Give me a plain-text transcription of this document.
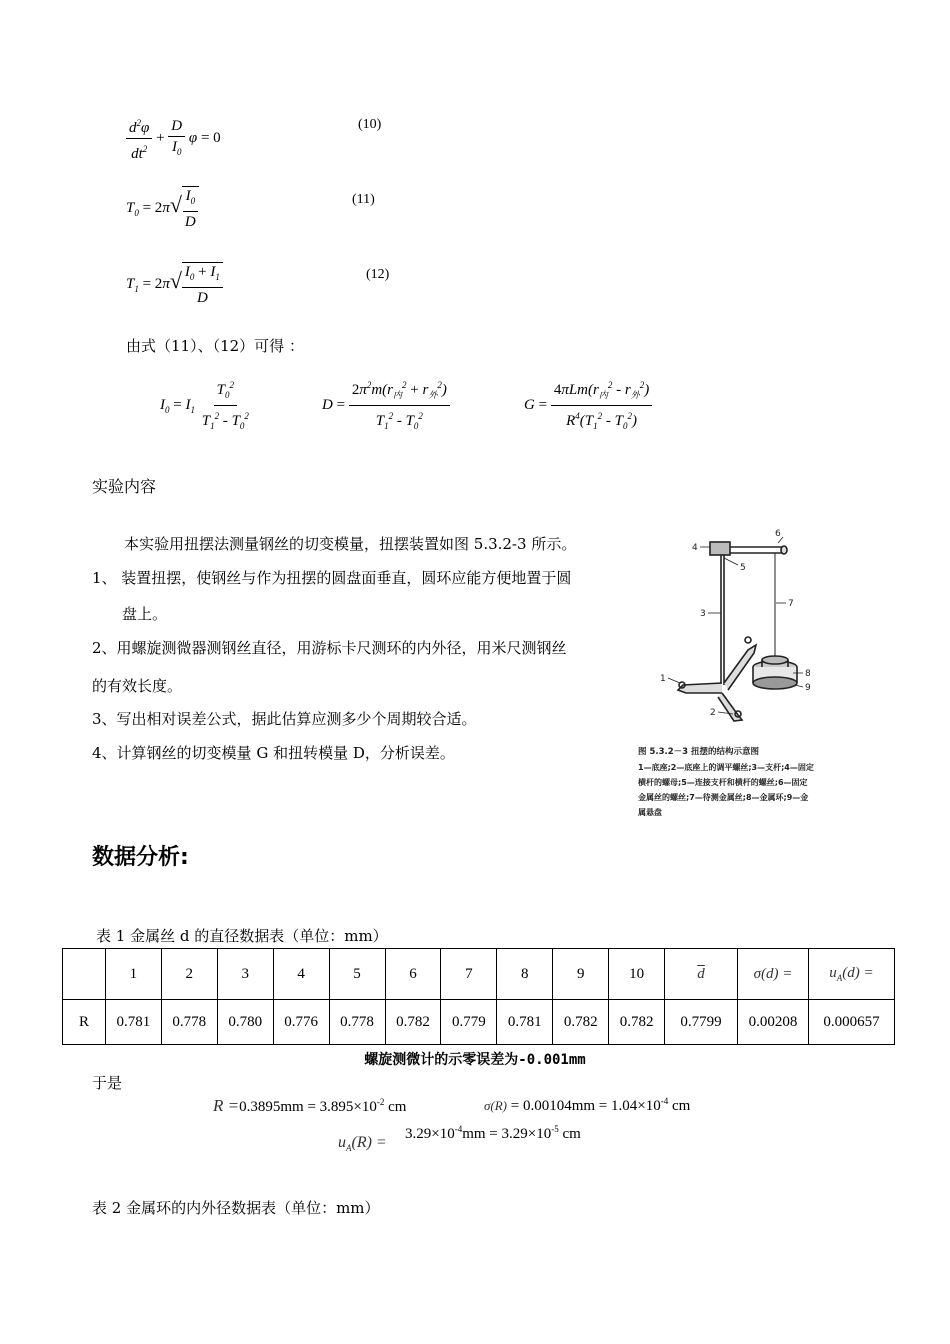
$\frac{d^2\varphi}{dt^2} + \frac{D}{I_0}$ φ = 0
(10)
$T_0 = 2\pi√ \frac{I_0}{D}$	(11)
$T_1 = 2\pi√ \frac{I_0 + I_1}{D}$	(12)
由式（11）、（12）可得 ：
$I_0 = I_1 \frac{T_0^2}{T_1^2 - T_0^2}$	$D = \frac{2\pi^2m(r_内^2 + r_外^2)}{T_1^2 - T_0^2}$	$G = \frac{4\pi Lm(r_内^2 - r_外^2)}{R^4(T_1^2 - T_0^2)}$
实验内容
本实验用扭摆法测量钢丝的切变模量，扭摆装置如图 5.3.2-3 所示。
1、 装置扭摆，使钢丝与作为扭摆的圆盘面垂直，圆环应能方便地置于圆
盘上。
2、用螺旋测微器测钢丝直径，用游标卡尺测环的内外径，用米尺测钢丝
的有效长度。
3、写出相对误差公式，据此估算应测多少个周期较合适。
4、计算钢丝的切变模量 G 和扭转模量 D，分析误差。
4
5
6
3
7
8
9
1
2
图 5.3.2－3 扭摆的结构示意图
1—底座;2—底座上的调平螺丝;3—支杆;4—固定
横杆的螺母;5—连接支杆和横杆的螺丝;6—固定
金属丝的螺丝;7—待测金属丝;8—金属环;9—金
属悬盘
数据分析:
表 1 金属丝 d 的直径数据表（单位：mm）
	1	2	3	4	5	6	7	8	9	10	$\overline{d}$	σ(d) =	$u_A(d)$ =
R	0.781	0.778	0.780	0.776	0.778	0.782	0.779	0.781	0.782	0.782	0.7799	0.00208	0.000657
螺旋测微计的示零误差为-0.001mm
于是
$R =0.3895mm = 3.895\times 10^{-2}$ cm	$\sigma(R) = 0.00104mm = 1.04\times 10^{-4}$ cm
$u_A(R) = 3.29\times 10^{-4}mm = 3.29\times 10^{-5}$ cm
表 2 金属环的内外径数据表（单位：mm）
